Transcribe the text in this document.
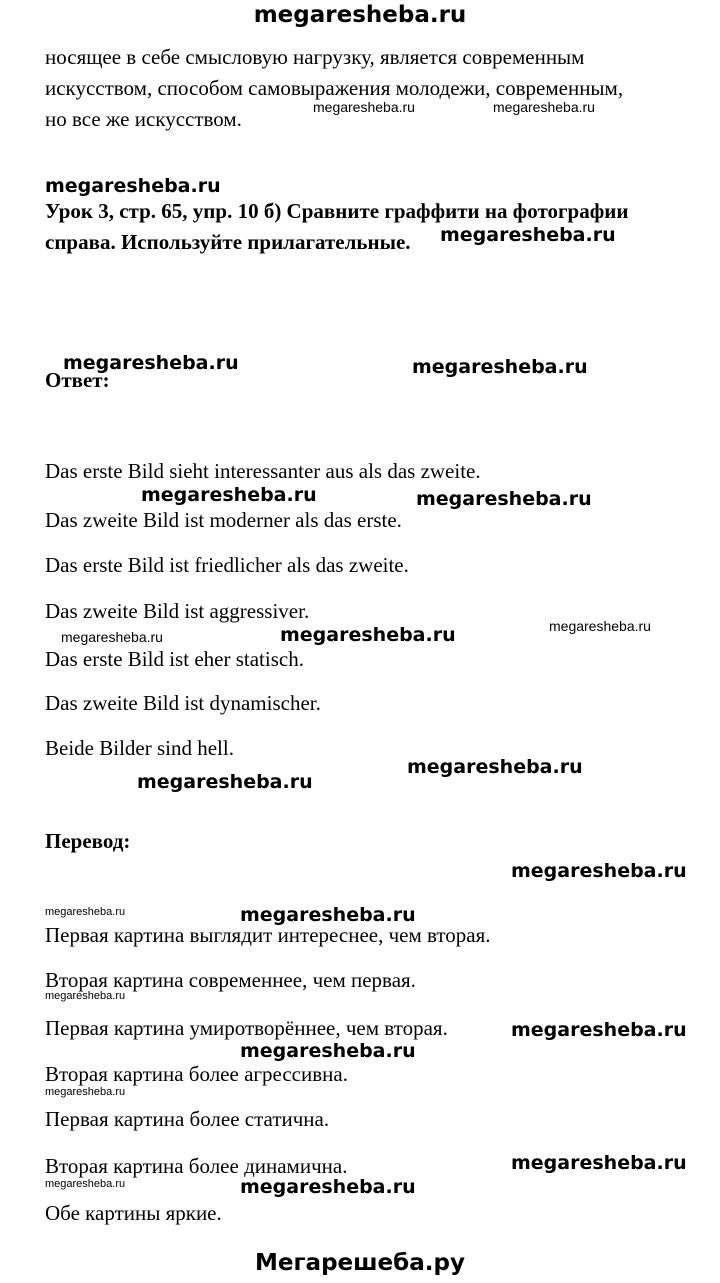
megaresheba.ru
Мегарешеба.ру
носящее в себе смысловую нагрузку, является современным
искусством, способом самовыражения молодежи, современным,
но все же искусством.
Урок 3, стр. 65, упр. 10 б) Сравните граффити на фотографии
справа. Используйте прилагательные.
Ответ:
Das erste Bild sieht interessanter aus als das zweite.
Das zweite Bild ist moderner als das erste.
Das erste Bild ist friedlicher als das zweite.
Das zweite Bild ist aggressiver.
Das erste Bild ist eher statisch.
Das zweite Bild ist dynamischer.
Beide Bilder sind hell.
Перевод:
Первая картина выглядит интереснее, чем вторая.
Вторая картина современнее, чем первая.
Первая картина умиротворённее, чем вторая.
Вторая картина более агрессивна.
Первая картина более статична.
Вторая картина более динамична.
Обе картины яркие.
megaresheba.ru	megaresheba.ru
megaresheba.ru
megaresheba.ru
megaresheba.ru	megaresheba.ru
megaresheba.ru	megaresheba.ru
megaresheba.ru	megaresheba.ru	megaresheba.ru
megaresheba.ru
megaresheba.ru
megaresheba.ru
megaresheba.ru	megaresheba.ru
megaresheba.ru
megaresheba.ru
megaresheba.ru
megaresheba.ru
megaresheba.ru
megaresheba.ru	megaresheba.ru
